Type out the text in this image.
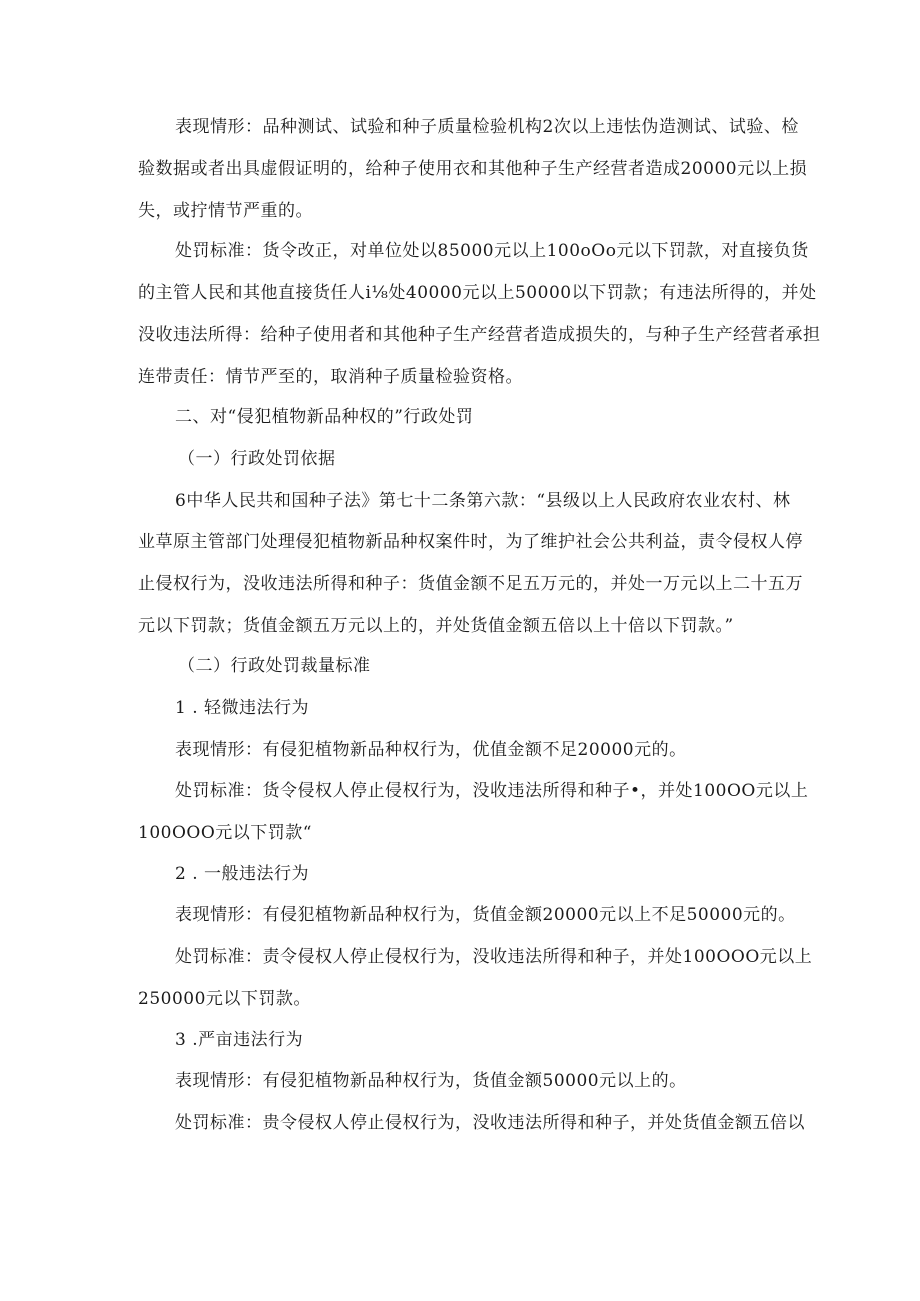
表现情形：品种测试、试验和种子质量检验机构2次以上违怯伪造测试、试验、检
验数据或者出具虚假证明的，给种子使用衣和其他种子生产经营者造成20000元以上损
失，或拧情节严重的。
处罚标准：货令改正，对单位处以85000元以上100oOo元以下罚款，对直接负货
的主管人民和其他直接货任人i⅛处40000元以上50000以下罚款；有违法所得的，并处
没收违法所得：给种子使用者和其他种子生产经营者造成损失的，与种子生产经营者承担
连带责任：情节严至的，取消种子质量检验资格。
二、对“侵犯植物新品种权的”行政处罚
（一）行政处罚依据
6中华人民共和国种子法》第七十二条第六款：“县级以上人民政府农业农村、林
业草原主管部门处理侵犯植物新品种权案件时，为了维护社会公共利益，责令侵权人停
止侵权行为，没收违法所得和种子：货值金额不足五万元的，并处一万元以上二十五万
元以下罚款；货值金额五万元以上的，并处货值金额五倍以上十倍以下罚款。”
（二）行政处罚裁量标准
1 . 轻微违法行为
表现情形：有侵犯植物新品种权行为，优值金额不足20000元的。
处罚标准：货令侵权人停止侵权行为，没收违法所得和种子•，并处100OO元以上
100OOO元以下罚款“
2 . 一般违法行为
表现情形：有侵犯植物新品种权行为，货值金额20000元以上不足50000元的。
处罚标准：责令侵权人停止侵权行为，没收违法所得和种子，并处100OOO元以上
250000元以下罚款。
3 .严亩违法行为
表现情形：有侵犯植物新品种权行为，货值金额50000元以上的。
处罚标准：贵令侵权人停止侵权行为，没收违法所得和种子，并处货值金额五倍以
